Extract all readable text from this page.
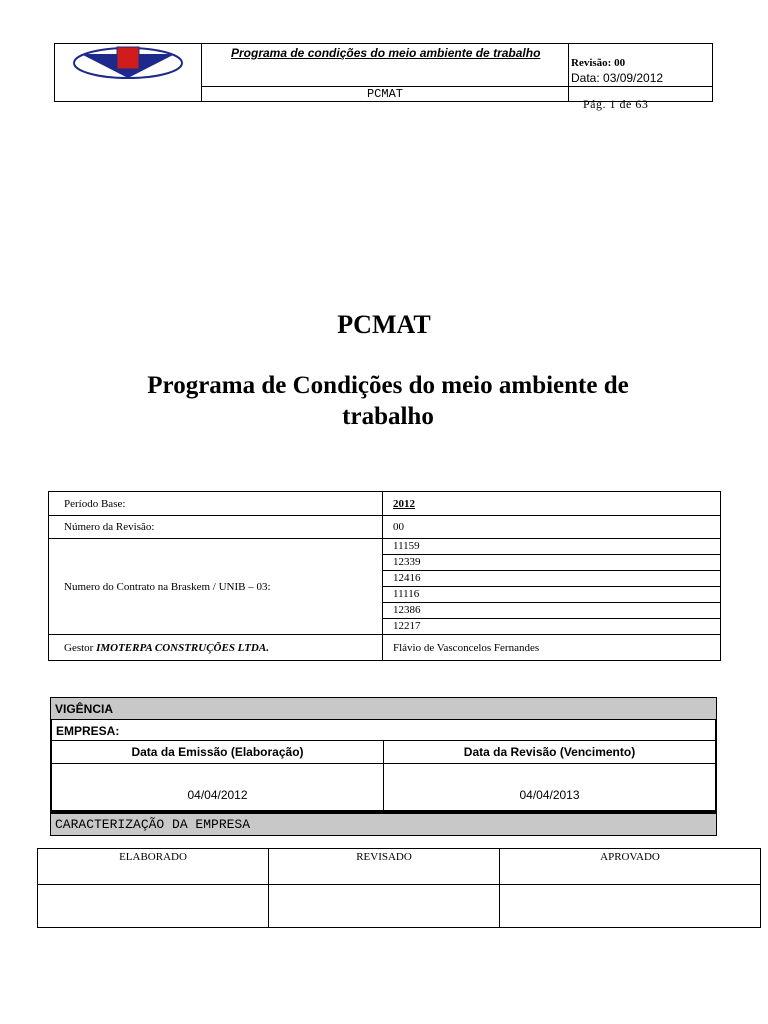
Programa de condições do meio ambiente de trabalho
PCMAT
Revisão: 00
Data: 03/09/2012
Pág. 1 de 63
PCMAT
Programa de Condições do meio ambiente de trabalho
Período Base:	2012
Número da Revisão:	00
Numero do Contrato na Braskem / UNIB – 03:	
11159
12339
12416
11116
12386
12217

Gestor IMOTERPA CONSTRUÇÕES LTDA.	Flávio de Vasconcelos Fernandes
VIGÊNCIA
EMPRESA:
Data da Emissão (Elaboração)	Data da Revisão (Vencimento)
04/04/2012	04/04/2013
CARACTERIZAÇÃO DA EMPRESA
ELABORADO	REVISADO	APROVADO
